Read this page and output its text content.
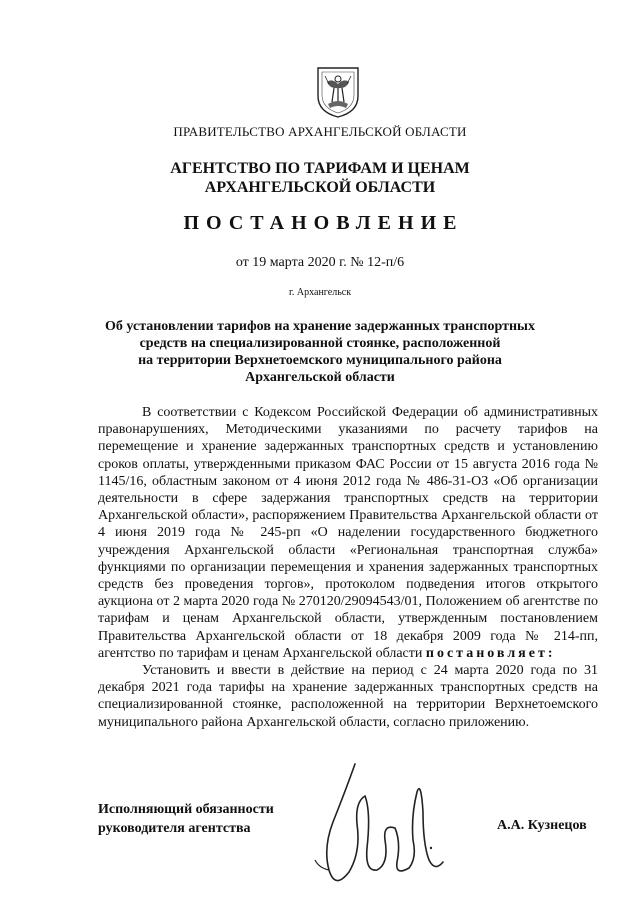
ПРАВИТЕЛЬСТВО АРХАНГЕЛЬСКОЙ ОБЛАСТИ
АГЕНТСТВО ПО ТАРИФАМ И ЦЕНАМ
АРХАНГЕЛЬСКОЙ ОБЛАСТИ
ПОСТАНОВЛЕНИЕ
от 19 марта 2020 г. № 12-п/6
г. Архангельск
Об установлении тарифов на хранение задержанных транспортных
средств на специализированной стоянке, расположенной
на территории Верхнетоемского муниципального района
Архангельской области

В соответствии с Кодексом Российской Федерации об административных правонарушениях, Методическими указаниями по расчету тарифов на перемещение и хранение задержанных транспортных средств и установлению сроков оплаты, утвержденными приказом ФАС России от 15 августа 2016 года № 1145/16, областным законом от 4 июня 2012 года № 486-31-ОЗ «Об организации деятельности в сфере задержания транспортных средств на территории Архангельской области», распоряжением Правительства Архангельской области от 4 июня 2019 года № 245-рп «О наделении государственного бюджетного учреждения Архангельской области «Региональная транспортная служба» функциями по организации перемещения и хранения задержанных транспортных средств без проведения торгов», протоколом подведения итогов открытого аукциона от 2 марта 2020 года № 270120/29094543/01, Положением об агентстве по тарифам и ценам Архангельской области, утвержденным постановлением Правительства Архангельской области от 18 декабря 2009 года № 214-пп, агентство по тарифам и ценам Архангельской области постановляет:

Установить и ввести в действие на период с 24 марта 2020 года по 31 декабря 2021 года тарифы на хранение задержанных транспортных средств на специализированной стоянке, расположенной на территории Верхнетоемского муниципального района Архангельской области, согласно приложению.

Исполняющий обязанности
руководителя агентства	А.А. Кузнецов
